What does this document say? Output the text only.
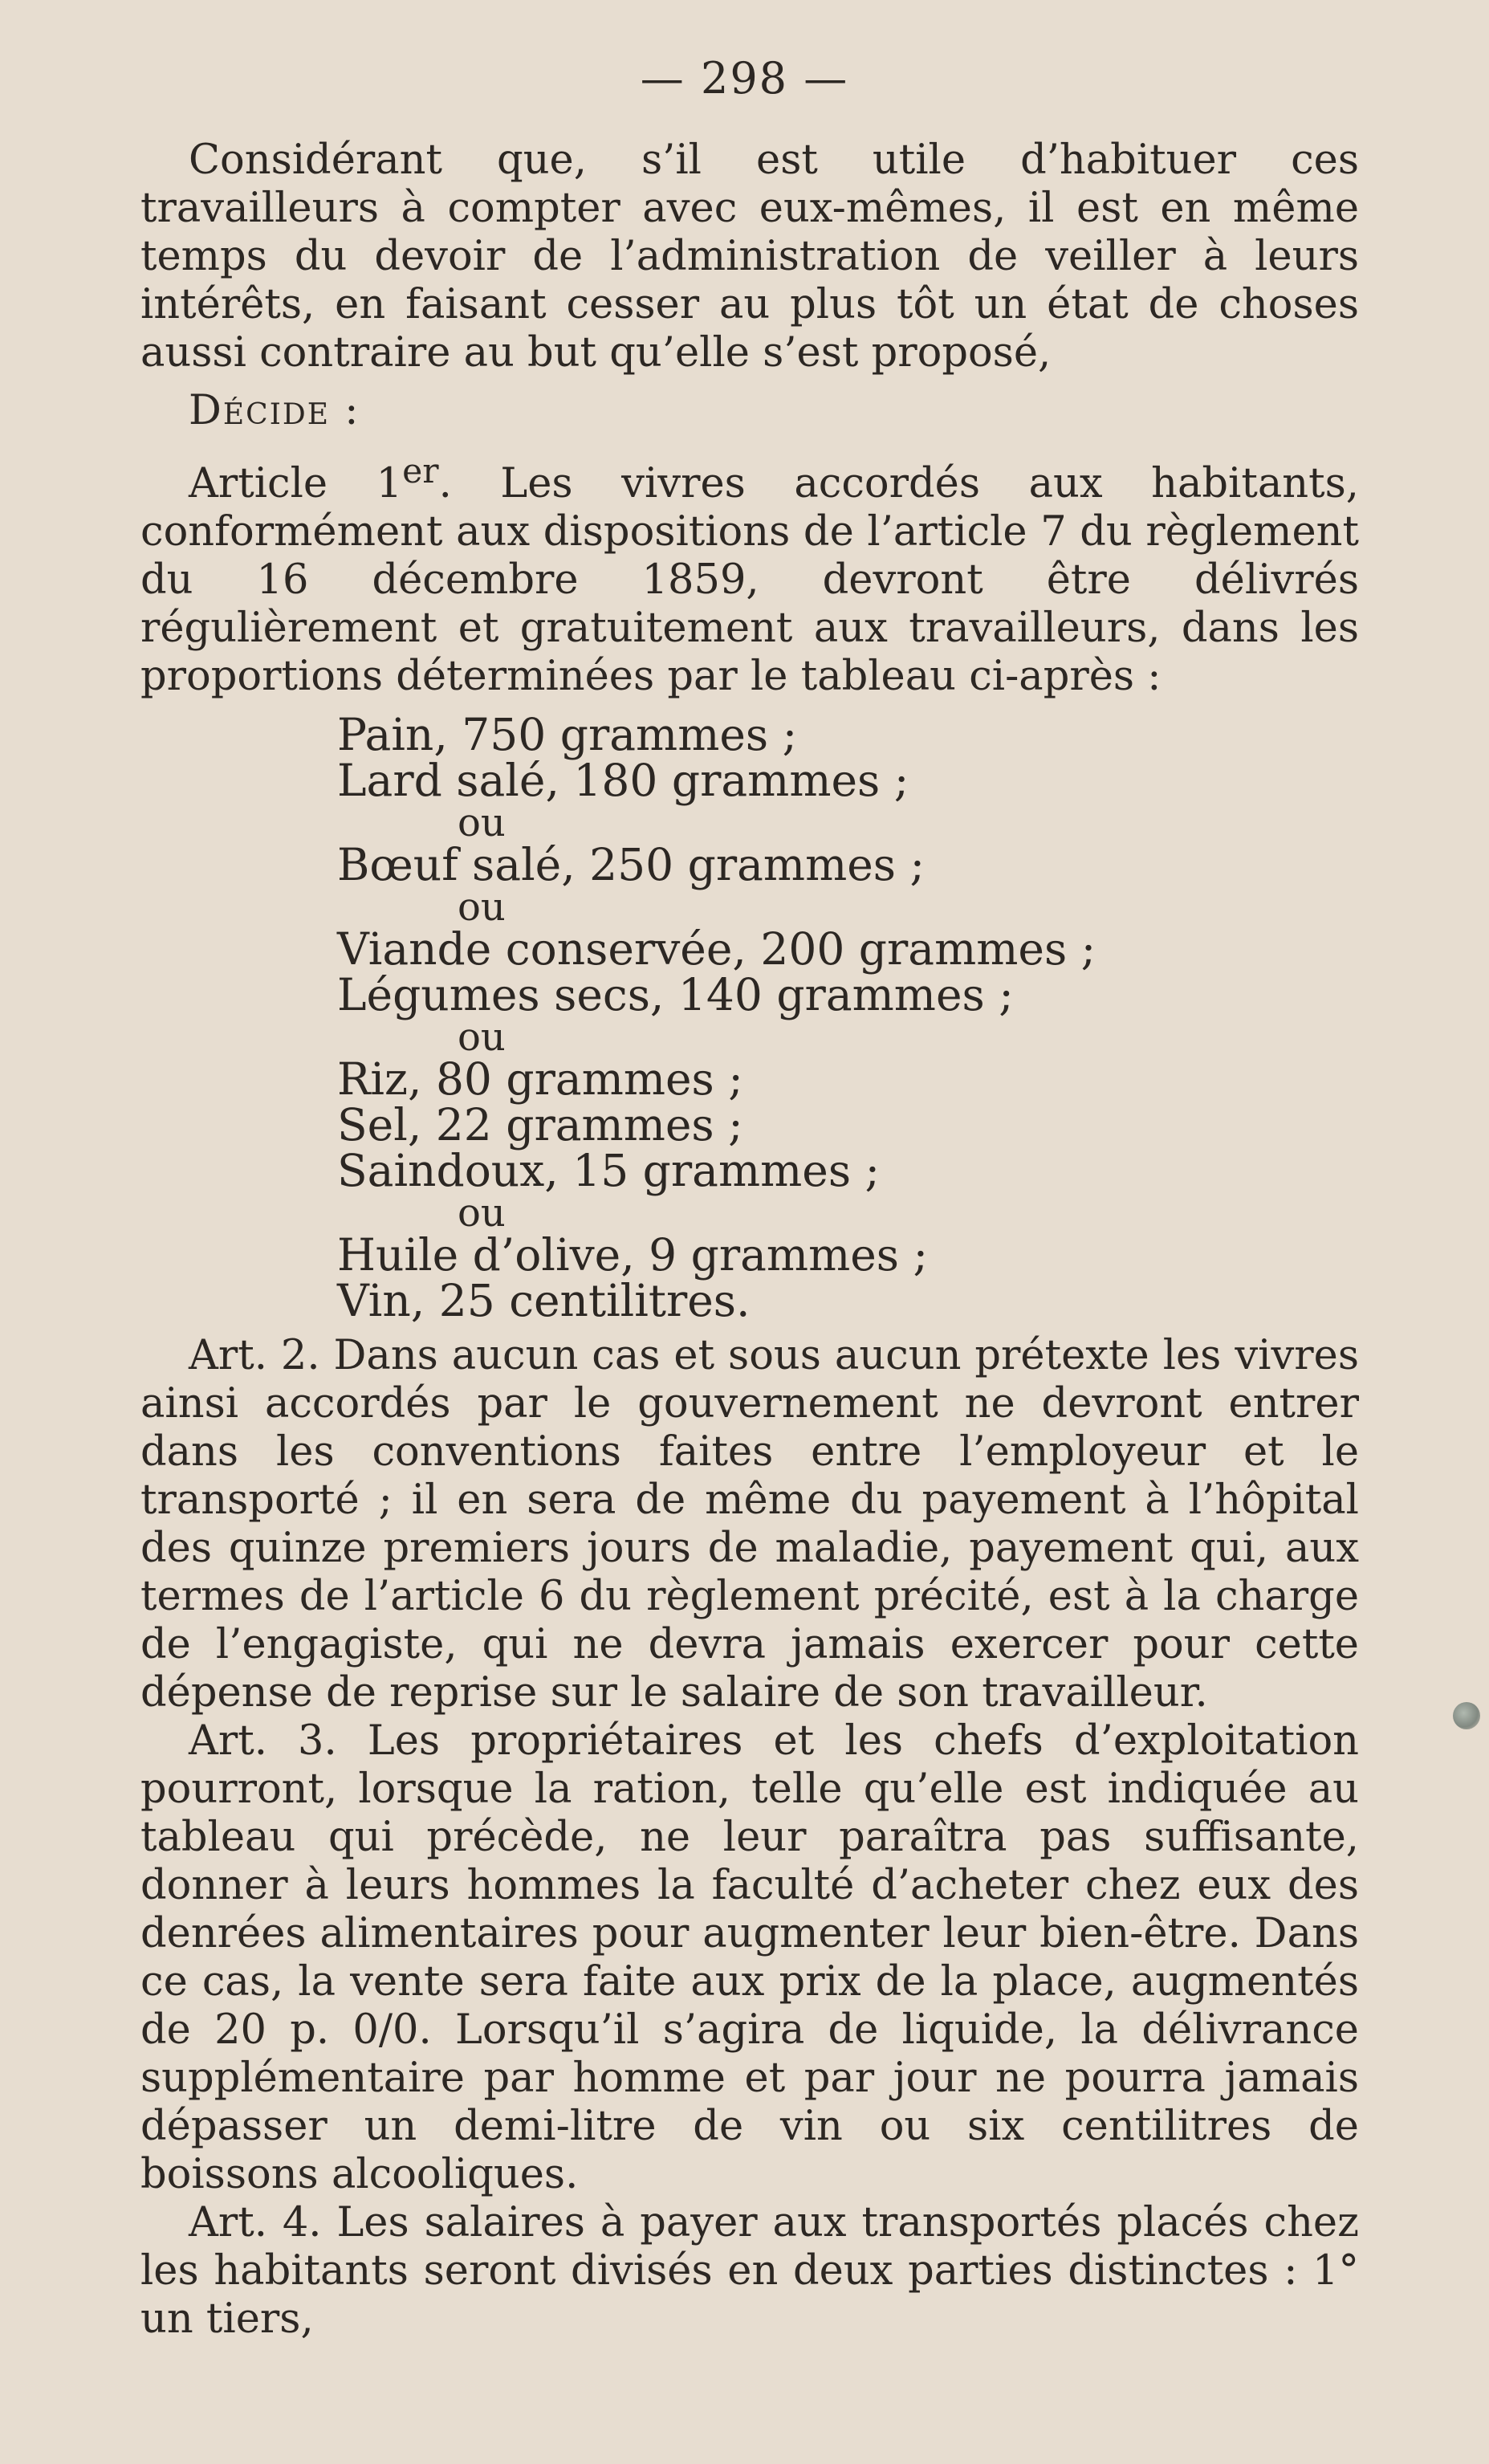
— 298 —

Considérant que, s’il est utile d’habituer ces travailleurs à compter avec eux-mêmes, il est en même temps du devoir de l’administration de veiller à leurs intérêts, en faisant cesser au plus tôt un état de choses aussi contraire au but qu’elle s’est proposé,

Décide :

Article 1er. Les vivres accordés aux habitants, conformément aux dispositions de l’article 7 du règlement du 16 décembre 1859, devront être délivrés régulièrement et gratuitement aux travailleurs, dans les proportions déterminées par le tableau ci-après :

Pain, 750 grammes ;
Lard salé, 180 grammes ;
ou
Bœuf salé, 250 grammes ;
ou
Viande conservée, 200 grammes ;
Légumes secs, 140 grammes ;
ou
Riz, 80 grammes ;
Sel, 22 grammes ;
Saindoux, 15 grammes ;
ou
Huile d’olive, 9 grammes ;
Vin, 25 centilitres.

Art. 2. Dans aucun cas et sous aucun prétexte les vivres ainsi accordés par le gouvernement ne devront entrer dans les conventions faites entre l’employeur et le transporté ; il en sera de même du payement à l’hôpital des quinze premiers jours de maladie, payement qui, aux termes de l’article 6 du règlement précité, est à la charge de l’engagiste, qui ne devra jamais exercer pour cette dépense de reprise sur le salaire de son travailleur.

Art. 3. Les propriétaires et les chefs d’exploitation pourront, lorsque la ration, telle qu’elle est indiquée au tableau qui précède, ne leur paraîtra pas suffisante, donner à leurs hommes la faculté d’acheter chez eux des denrées alimentaires pour augmenter leur bien-être. Dans ce cas, la vente sera faite aux prix de la place, augmentés de 20 p. 0/0. Lorsqu’il s’agira de liquide, la délivrance supplémentaire par homme et par jour ne pourra jamais dépasser un demi-litre de vin ou six centilitres de boissons alcooliques.

Art. 4. Les salaires à payer aux transportés placés chez les habitants seront divisés en deux parties distinctes : 1° un tiers,
